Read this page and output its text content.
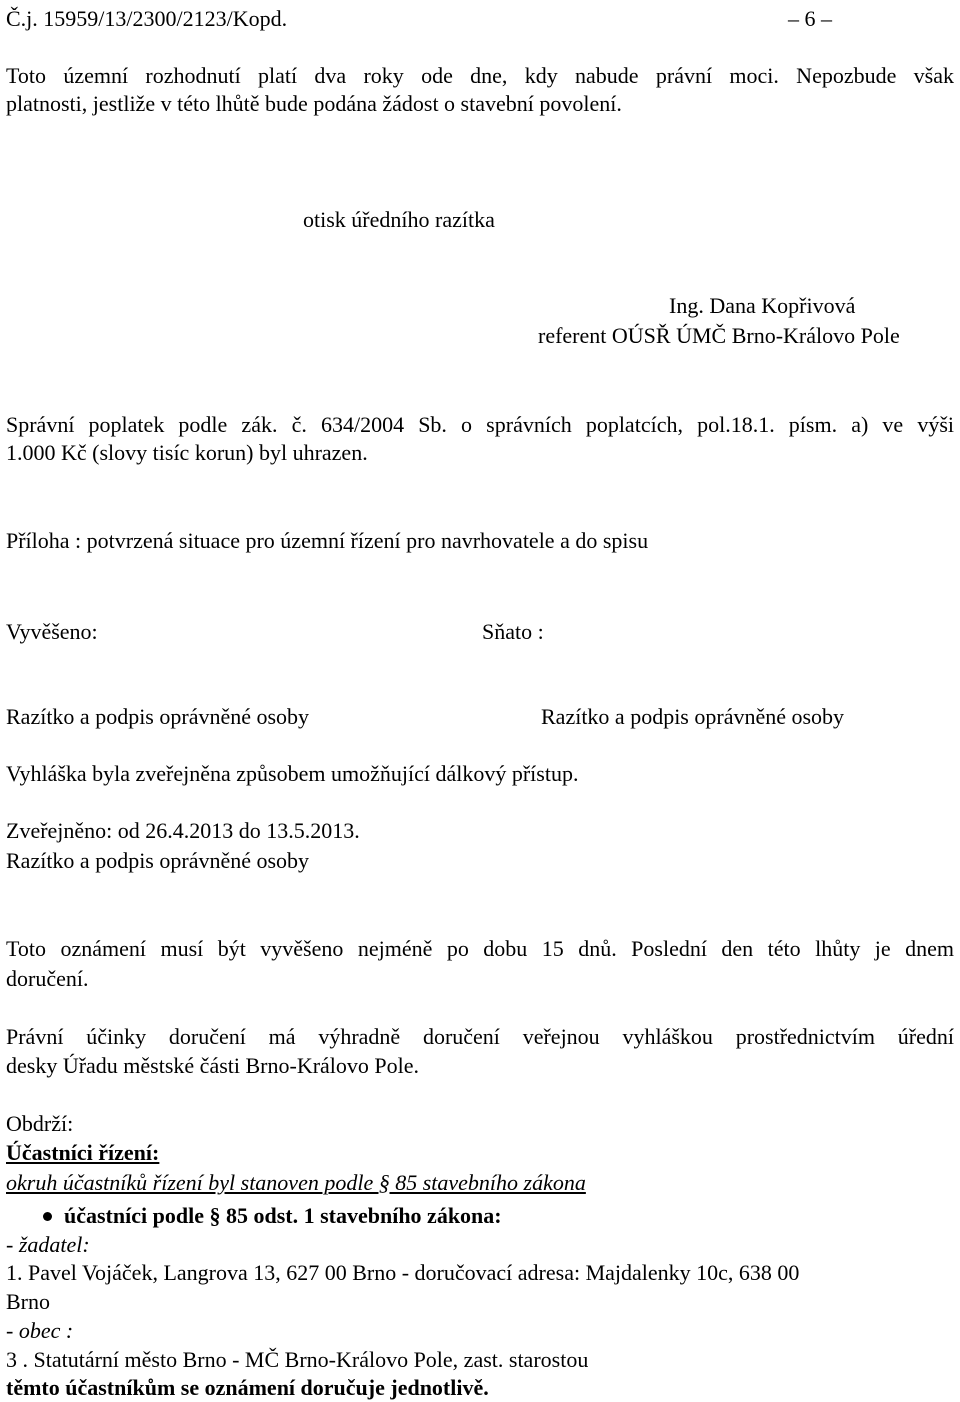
Č.j. 15959/13/2300/2123/Kopd.	– 6 –
Toto územní rozhodnutí platí dva roky ode dne, kdy nabude právní moci. Nepozbude však
platnosti, jestliže v této lhůtě bude podána žádost o stavební povolení.
otisk úředního razítka
Ing. Dana Kopřivová
referent OÚSŘ ÚMČ Brno-Královo Pole
Správní poplatek podle zák. č. 634/2004 Sb. o správních poplatcích, pol.18.1. písm. a) ve výši
1.000 Kč (slovy tisíc korun) byl uhrazen.
Příloha : potvrzená situace pro územní řízení pro navrhovatele a do spisu
Vyvěšeno:	Sňato :
Razítko a podpis oprávněné osoby	Razítko a podpis oprávněné osoby
Vyhláška byla zveřejněna způsobem umožňující dálkový přístup.
Zveřejněno: od 26.4.2013 do 13.5.2013.
Razítko a podpis oprávněné osoby
Toto oznámení musí být vyvěšeno nejméně po dobu 15 dnů. Poslední den této lhůty je dnem
doručení.
Právní účinky doručení má výhradně doručení veřejnou vyhláškou prostřednictvím úřední
desky Úřadu městské části Brno-Královo Pole.
Obdrží:
Účastníci řízení:
okruh účastníků řízení byl stanoven podle § 85 stavebního zákona
účastníci podle § 85 odst. 1 stavebního zákona:
- žadatel:
1. Pavel Vojáček, Langrova 13, 627 00 Brno - doručovací adresa: Majdalenky 10c, 638 00
Brno
- obec :
3 . Statutární město Brno - MČ Brno-Královo Pole, zast. starostou
těmto účastníkům se oznámení doručuje jednotlivě.
